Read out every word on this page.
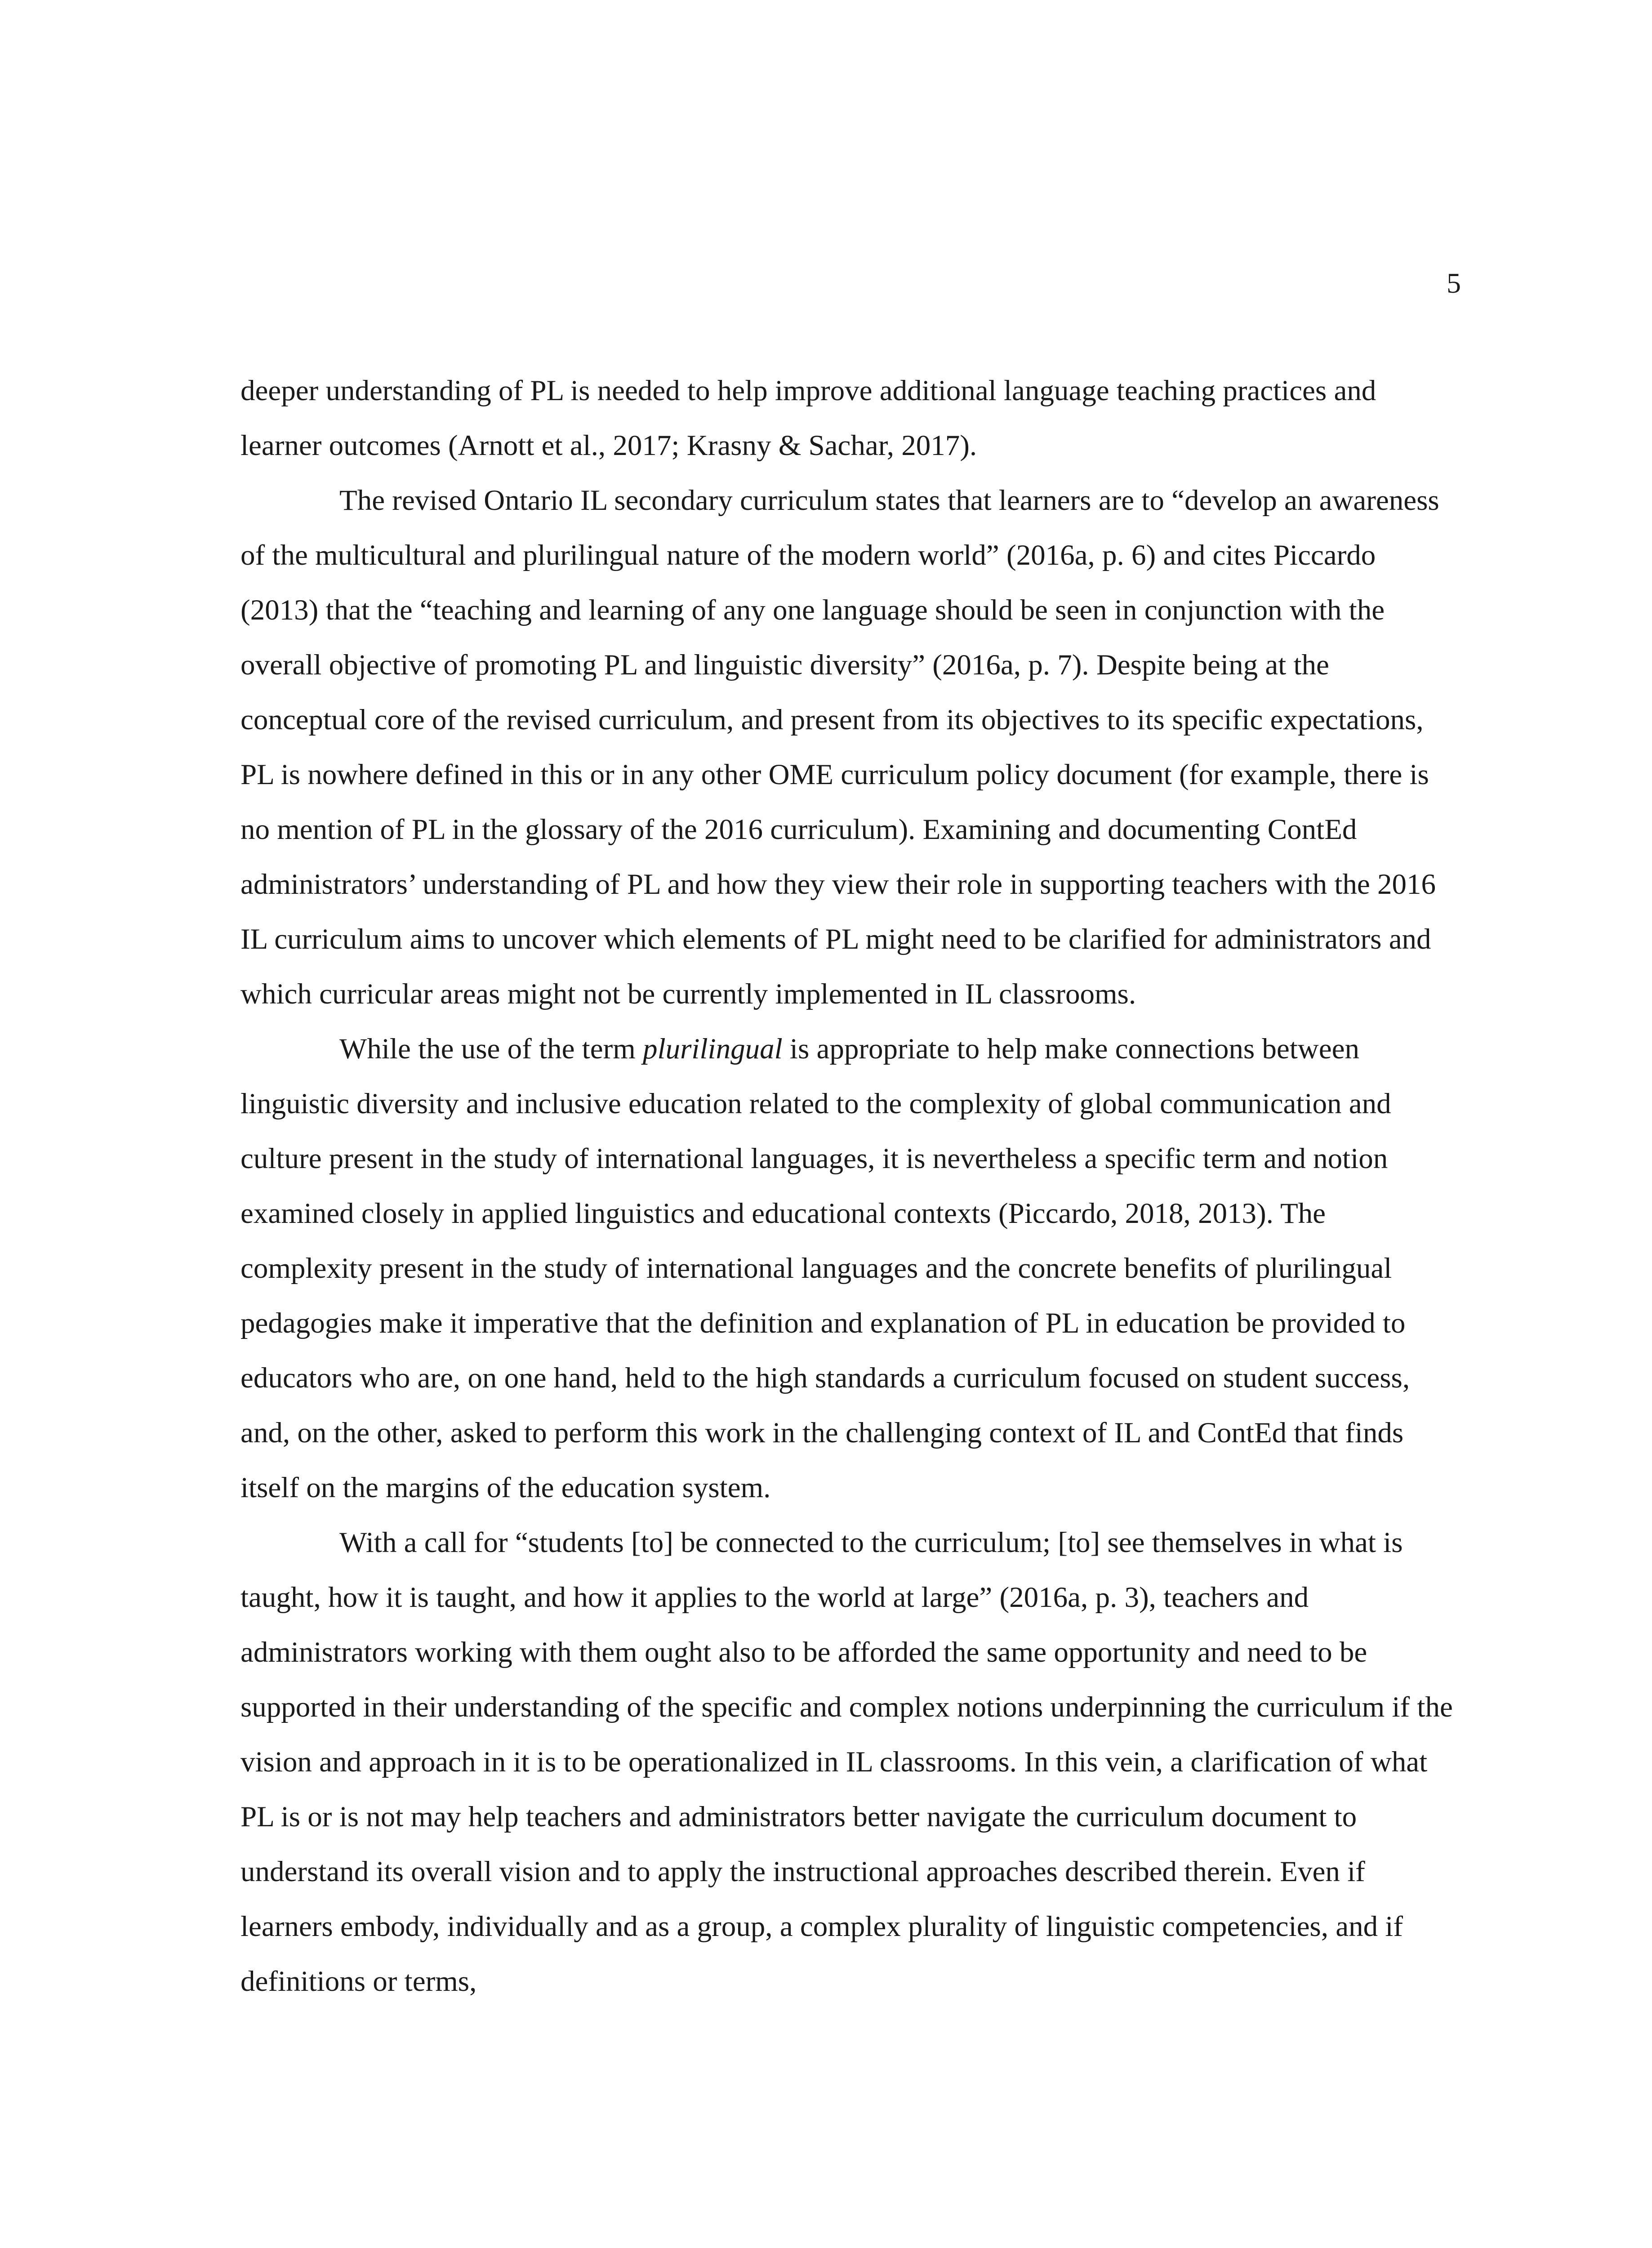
5

deeper understanding of PL is needed to help improve additional language teaching practices and learner outcomes (Arnott et al., 2017; Krasny & Sachar, 2017).

The revised Ontario IL secondary curriculum states that learners are to “develop an awareness of the multicultural and plurilingual nature of the modern world” (2016a, p. 6) and cites Piccardo (2013) that the “teaching and learning of any one language should be seen in conjunction with the overall objective of promoting PL and linguistic diversity” (2016a, p. 7). Despite being at the conceptual core of the revised curriculum, and present from its objectives to its specific expectations, PL is nowhere defined in this or in any other OME curriculum policy document (for example, there is no mention of PL in the glossary of the 2016 curriculum). Examining and documenting ContEd administrators’ understanding of PL and how they view their role in supporting teachers with the 2016 IL curriculum aims to uncover which elements of PL might need to be clarified for administrators and which curricular areas might not be currently implemented in IL classrooms.

While the use of the term plurilingual is appropriate to help make connections between linguistic diversity and inclusive education related to the complexity of global communication and culture present in the study of international languages, it is nevertheless a specific term and notion examined closely in applied linguistics and educational contexts (Piccardo, 2018, 2013). The complexity present in the study of international languages and the concrete benefits of plurilingual pedagogies make it imperative that the definition and explanation of PL in education be provided to educators who are, on one hand, held to the high standards a curriculum focused on student success, and, on the other, asked to perform this work in the challenging context of IL and ContEd that finds itself on the margins of the education system.

With a call for “students [to] be connected to the curriculum; [to] see themselves in what is taught, how it is taught, and how it applies to the world at large” (2016a, p. 3), teachers and administrators working with them ought also to be afforded the same opportunity and need to be supported in their understanding of the specific and complex notions underpinning the curriculum if the vision and approach in it is to be operationalized in IL classrooms. In this vein, a clarification of what PL is or is not may help teachers and administrators better navigate the curriculum document to understand its overall vision and to apply the instructional approaches described therein. Even if learners embody, individually and as a group, a complex plurality of linguistic competencies, and if definitions or terms,
